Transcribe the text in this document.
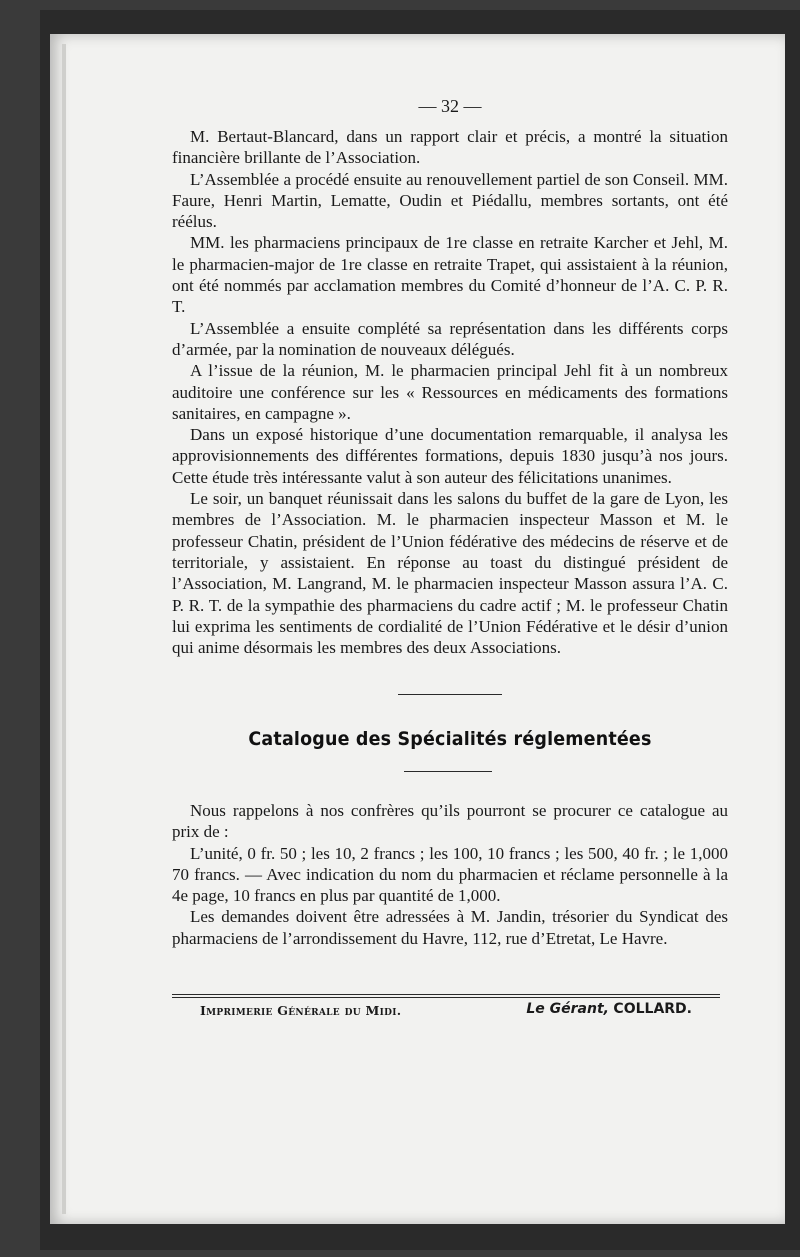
— 32 —

M. Bertaut-Blancard, dans un rapport clair et précis, a montré la situation financière brillante de l’Association.

L’Assemblée a procédé ensuite au renouvellement partiel de son Conseil. MM. Faure, Henri Martin, Lematte, Oudin et Piédallu, membres sortants, ont été réélus.

MM. les pharmaciens principaux de 1re classe en retraite Karcher et Jehl, M. le pharmacien-major de 1re classe en retraite Trapet, qui assistaient à la réunion, ont été nommés par acclamation membres du Comité d’honneur de l’A. C. P. R. T.

L’Assemblée a ensuite complété sa représentation dans les différents corps d’armée, par la nomination de nouveaux délégués.

A l’issue de la réunion, M. le pharmacien principal Jehl fit à un nombreux auditoire une conférence sur les « Ressources en médicaments des formations sanitaires, en campagne ».

Dans un exposé historique d’une documentation remarquable, il analysa les approvisionnements des différentes formations, depuis 1830 jusqu’à nos jours. Cette étude très intéressante valut à son auteur des félicitations unanimes.

Le soir, un banquet réunissait dans les salons du buffet de la gare de Lyon, les membres de l’Association. M. le pharmacien inspecteur Masson et M. le professeur Chatin, président de l’Union fédérative des médecins de réserve et de territoriale, y assistaient. En réponse au toast du distingué président de l’Association, M. Langrand, M. le pharmacien inspecteur Masson assura l’A. C. P. R. T. de la sympathie des pharmaciens du cadre actif ; M. le professeur Chatin lui exprima les sentiments de cordialité de l’Union Fédérative et le désir d’union qui anime désormais les membres des deux Associations.

Catalogue des Spécialités réglementées

Nous rappelons à nos confrères qu’ils pourront se procurer ce catalogue au prix de :

L’unité, 0 fr. 50 ; les 10, 2 francs ; les 100, 10 francs ; les 500, 40 fr. ; le 1,000 70 francs. — Avec indication du nom du pharmacien et réclame personnelle à la 4e page, 10 francs en plus par quantité de 1,000.

Les demandes doivent être adressées à M. Jandin, trésorier du Syndicat des pharmaciens de l’arrondissement du Havre, 112, rue d’Etretat, Le Havre.

Imprimerie Générale du Midi.	Le Gérant, COLLARD.
